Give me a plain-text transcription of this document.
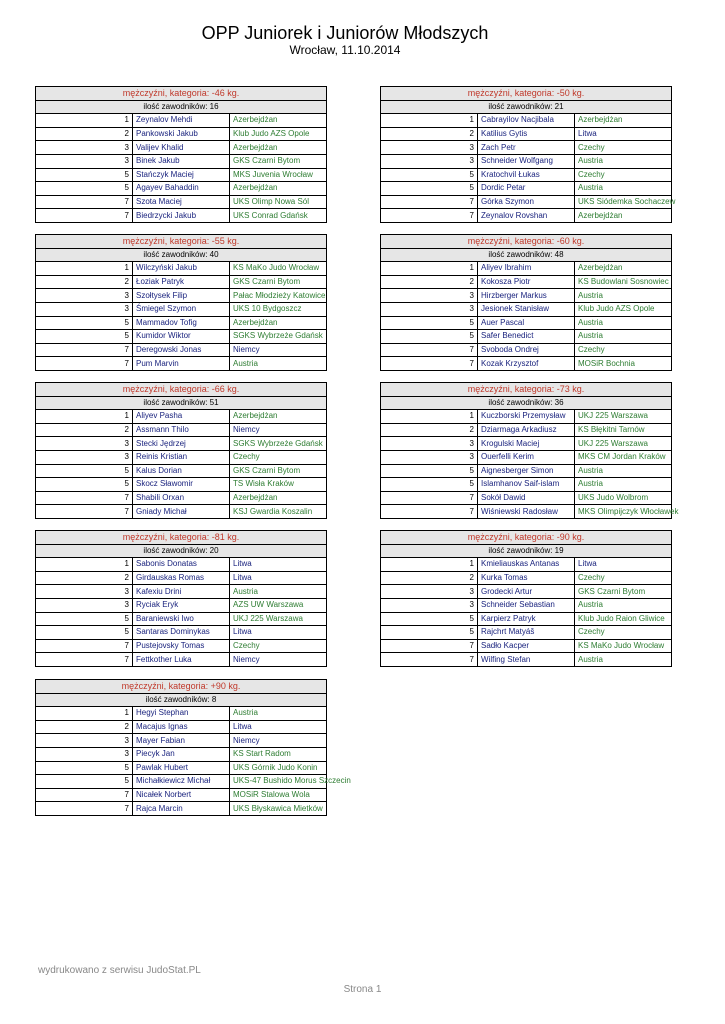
OPP Juniorek i Juniorów Młodszych
Wrocław, 11.10.2014
mężczyźni, kategoria: -46 kg.		
ilość zawodników: 16		
1	Zeynalov Mehdi	Azerbejdżan
2	Pankowski Jakub	Klub Judo AZS Opole
3	Valijev Khalid	Azerbejdżan
3	Binek Jakub	GKS Czarni Bytom
5	Stańczyk Maciej	MKS Juvenia Wrocław
5	Agayev Bahaddin	Azerbejdżan
7	Szota Maciej	UKS Olimp Nowa Sól
7	Biedrzycki Jakub	UKS Conrad Gdańsk
mężczyźni, kategoria: -50 kg.		
ilość zawodników: 21		
1	Cabrayilov Nacjibala	Azerbejdżan
2	Katilius Gytis	Litwa
3	Zach Petr	Czechy
3	Schneider Wolfgang	Austria
5	Kratochvil Łukas	Czechy
5	Dordic Petar	Austria
7	Górka Szymon	UKS Siódemka Sochaczew
7	Zeynalov Rovshan	Azerbejdżan
mężczyźni, kategoria: -55 kg.		
ilość zawodników: 40		
1	Wilczyński Jakub	KS MaKo Judo Wrocław
2	Łoziak Patryk	GKS Czarni Bytom
3	Szołtysek Filip	Pałac Młodzieży Katowice
3	Śmiegel Szymon	UKS 10 Bydgoszcz
5	Mammadov Tofig	Azerbejdżan
5	Kumidor Wiktor	SGKS Wybrzeże Gdańsk
7	Deregowski Jonas	Niemcy
7	Pum Marvin	Austria
mężczyźni, kategoria: -60 kg.		
ilość zawodników: 48		
1	Aliyev Ibrahim	Azerbejdżan
2	Kokosza Piotr	KS Budowlani Sosnowiec
3	Hirzberger Markus	Austria
3	Jesionek Stanisław	Klub Judo AZS Opole
5	Auer Pascal	Austria
5	Safer Benedict	Austria
7	Svoboda Ondrej	Czechy
7	Kozak Krzysztof	MOSiR Bochnia
mężczyźni, kategoria: -66 kg.		
ilość zawodników: 51		
1	Aliyev Pasha	Azerbejdżan
2	Assmann Thilo	Niemcy
3	Stecki Jędrzej	SGKS Wybrzeże Gdańsk
3	Reinis Kristian	Czechy
5	Kalus Dorian	GKS Czarni Bytom
5	Skocz Sławomir	TS Wisła Kraków
7	Shabili Orxan	Azerbejdżan
7	Gniady Michał	KSJ Gwardia Koszalin
mężczyźni, kategoria: -73 kg.		
ilość zawodników: 36		
1	Kuczborski Przemysław	UKJ 225 Warszawa
2	Dziarmaga Arkadiusz	KS Błękitni Tarnów
3	Krogulski Maciej	UKJ 225 Warszawa
3	Ouerfelli Kerim	MKS CM Jordan Kraków
5	Aignesberger Simon	Austria
5	Islamhanov Saif-islam	Austria
7	Sokół Dawid	UKS Judo Wolbrom
7	Wiśniewski Radosław	MKS Olimpijczyk Włocławek
mężczyźni, kategoria: -81 kg.		
ilość zawodników: 20		
1	Sabonis Donatas	Litwa
2	Girdauskas Romas	Litwa
3	Kafexiu Drini	Austria
3	Ryciak Eryk	AZS UW Warszawa
5	Baraniewski Iwo	UKJ 225 Warszawa
5	Santaras Dominykas	Litwa
7	Pustejovsky Tomas	Czechy
7	Fettkother Luka	Niemcy
mężczyźni, kategoria: -90 kg.		
ilość zawodników: 19		
1	Kmieliauskas Antanas	Litwa
2	Kurka Tomas	Czechy
3	Grodecki Artur	GKS Czarni Bytom
3	Schneider Sebastian	Austria
5	Karpierz Patryk	Klub Judo Raion Gliwice
5	Rajchrt Matyáš	Czechy
7	Sadło Kacper	KS MaKo Judo Wrocław
7	Wilfing Stefan	Austria
mężczyźni, kategoria: +90 kg.		
ilość zawodników: 8		
1	Hegyi Stephan	Austria
2	Macajus Ignas	Litwa
3	Mayer Fabian	Niemcy
3	Piecyk Jan	KS Start Radom
5	Pawlak Hubert	UKS Górnik Judo Konin
5	Michałkiewicz Michał	UKS-47 Bushido Morus Szczecin
7	Nicałek Norbert	MOSiR Stalowa Wola
7	Rajca Marcin	UKS Błyskawica Mietków
wydrukowano z serwisu JudoStat.PL
Strona 1
